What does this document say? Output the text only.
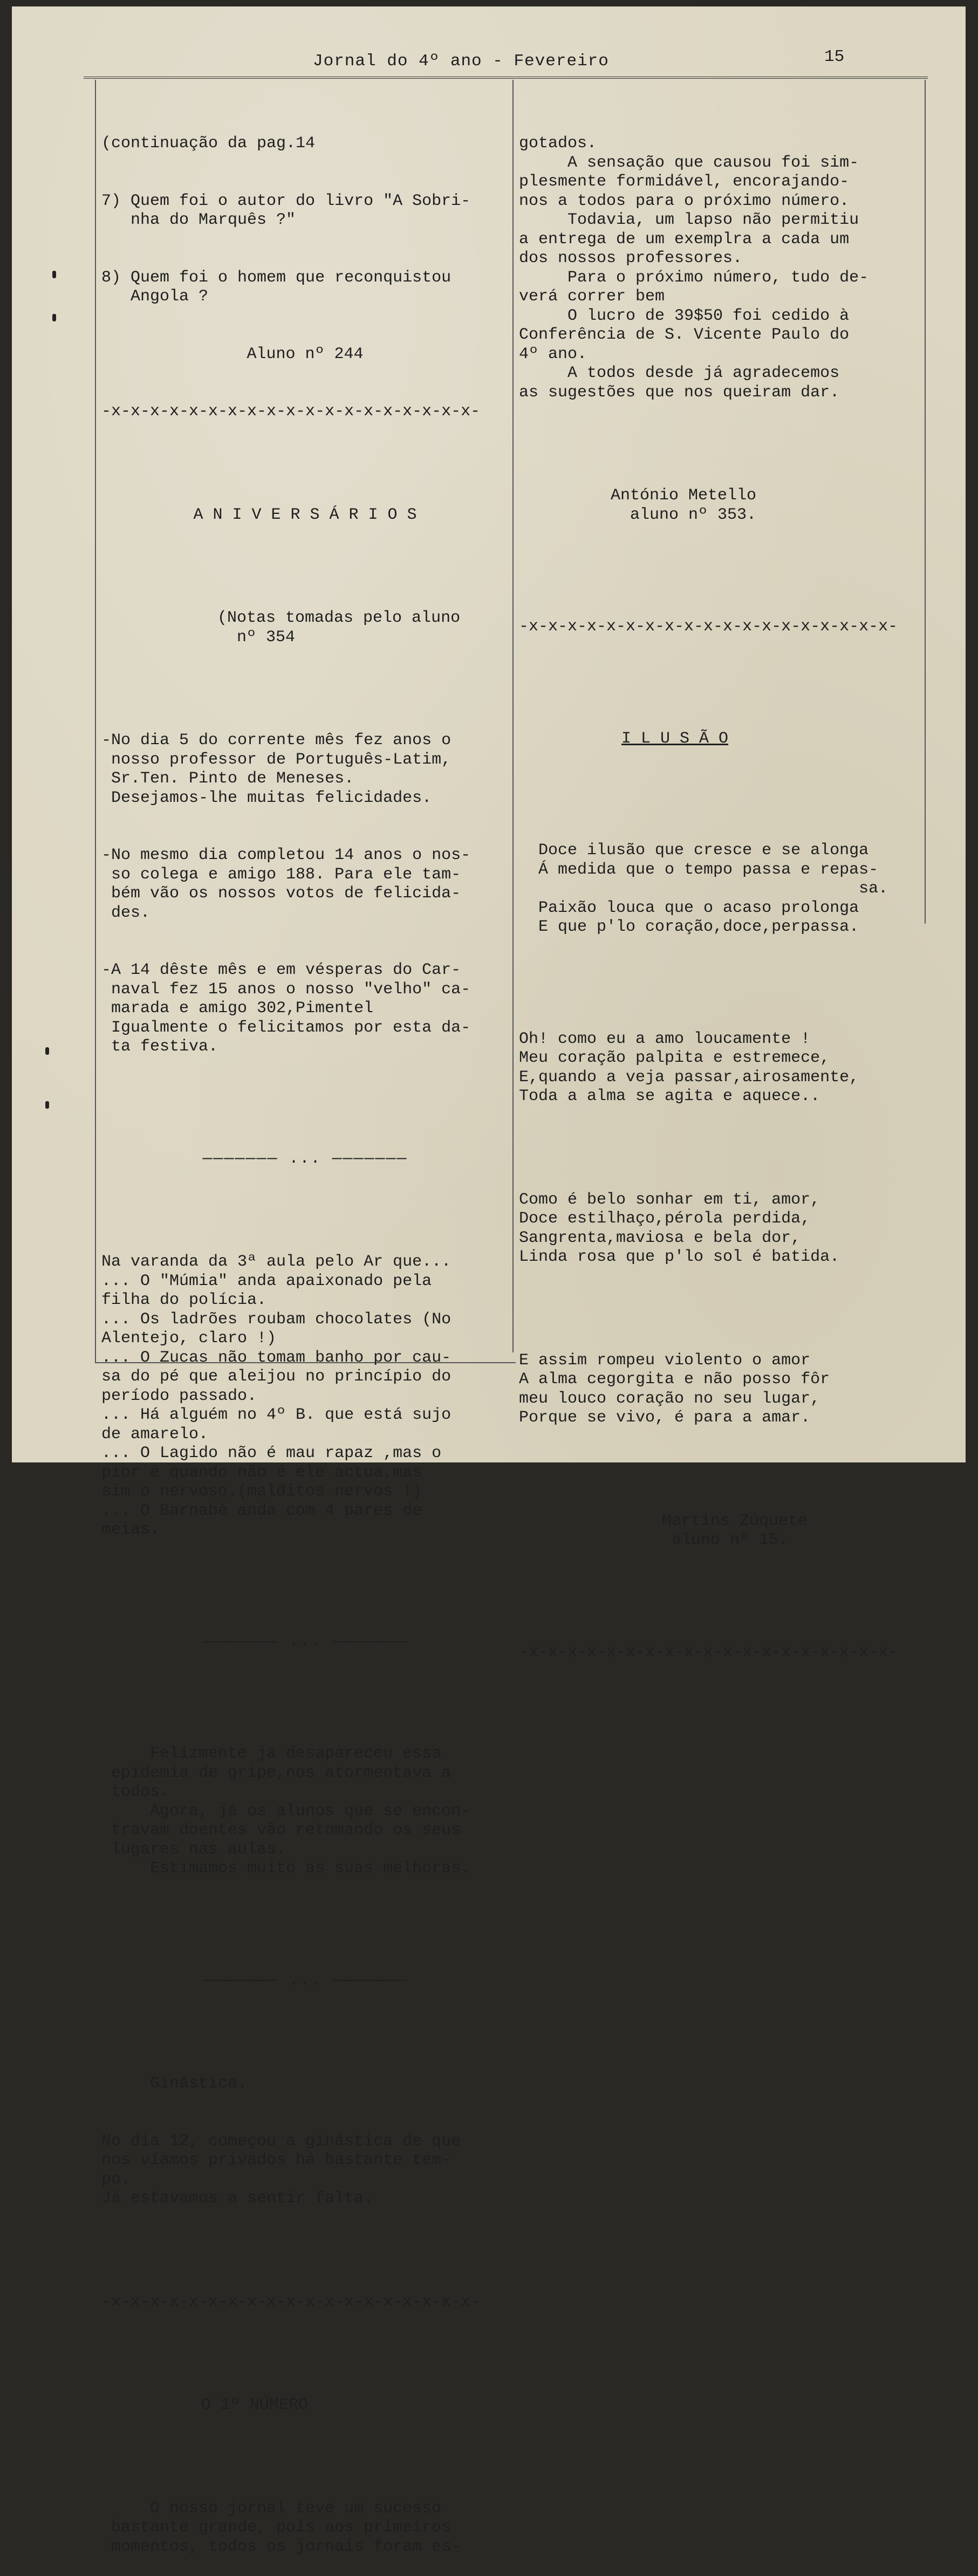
Jornal do 4º ano - Fevereiro	15

(continuação da pag.14

7) Quem foi o autor do livro "A Sobri-
nha do Marquês ?"

8) Quem foi o homem que reconquistou
Angola ?

Aluno nº 244

-x-x-x-x-x-x-x-x-x-x-x-x-x-x-x-x-x-x-x-

A N I V E R S Á R I O S

(Notas tomadas pelo aluno
nº 354

-No dia 5 do corrente mês fez anos o
nosso professor de Português-Latim,
Sr.Ten. Pinto de Meneses.
Desejamos-lhe muitas felicidades.

-No mesmo dia completou 14 anos o nos-
so colega e amigo 188. Para ele tam-
bém vão os nossos votos de felicida-
des.

-A 14 dêste mês e em vésperas do Car-
naval fez 15 anos o nosso "velho" ca-
marada e amigo 302,Pimentel
Igualmente o felicitamos por esta da-
ta festiva.

——————— ... ———————

Na varanda da 3ª aula pelo Ar que...
... O "Múmia" anda apaixonado pela
filha do polícia.
... Os ladrões roubam chocolates (No
Alentejo, claro !)
... O Zucas não tomam banho por cau-
sa do pé que aleijou no princípio do
período passado.
... Há alguém no 4º B. que está sujo
de amarelo.
... O Lagido não é mau rapaz ,mas o
pior é quando não é ele actua,mas
sim o nervoso.(malditos nervos !)
... O Barnabé anda com 4 pares de
meias.

——————— ... ———————

Felizmente já desapareceu essa
epidemia de gripe,nos atormentava a
todos.
Agora, já os alunos que se encon-
travam doentes vão retomando os seus
lugares nas aulas.
Estimamos muito as suas melhoras.

——————— ... ———————

Ginástica.

No dia 12, começou a ginástica de que
nos víamos privados há bastante tem-
po.
Já estavamos a sentir falta.

-x-x-x-x-x-x-x-x-x-x-x-x-x-x-x-x-x-x-x-

O 1º NÚMERO

O nosso jornal teve um sucesso
bastante grande, pois aos primeiros
momentos, todos os jornais foram es-

gotados.
A sensação que causou foi sim-
plesmente formidável, encorajando-
nos a todos para o próximo número.
Todavia, um lapso não permitiu
a entrega de um exemplra a cada um
dos nossos professores.
Para o próximo número, tudo de-
verá correr bem
O lucro de 39$50 foi cedido à
Conferência de S. Vicente Paulo do
4º ano.
A todos desde já agradecemos
as sugestões que nos queiram dar.

António Metello
aluno nº 353.

-x-x-x-x-x-x-x-x-x-x-x-x-x-x-x-x-x-x-x-

I L U S Ã O

Doce ilusão que cresce e se alonga
Á medida que o tempo passa e repas-
sa.
Paixão louca que o acaso prolonga
E que p'lo coração,doce,perpassa.

Oh! como eu a amo loucamente !
Meu coração palpita e estremece,
E,quando a veja passar,airosamente,
Toda a alma se agita e aquece..

Como é belo sonhar em ti, amor,
Doce estilhaço,pérola perdida,
Sangrenta,maviosa e bela dor,
Linda rosa que p'lo sol é batida.

E assim rompeu violento o amor
A alma cegorgita e não posso fôr
meu louco coração no seu lugar,
Porque se vivo, é para a amar.

Martins Zúquete
aluno nº 15.

-x-x-x-x-x-x-x-x-x-x-x-x-x-x-x-x-x-x-x-
